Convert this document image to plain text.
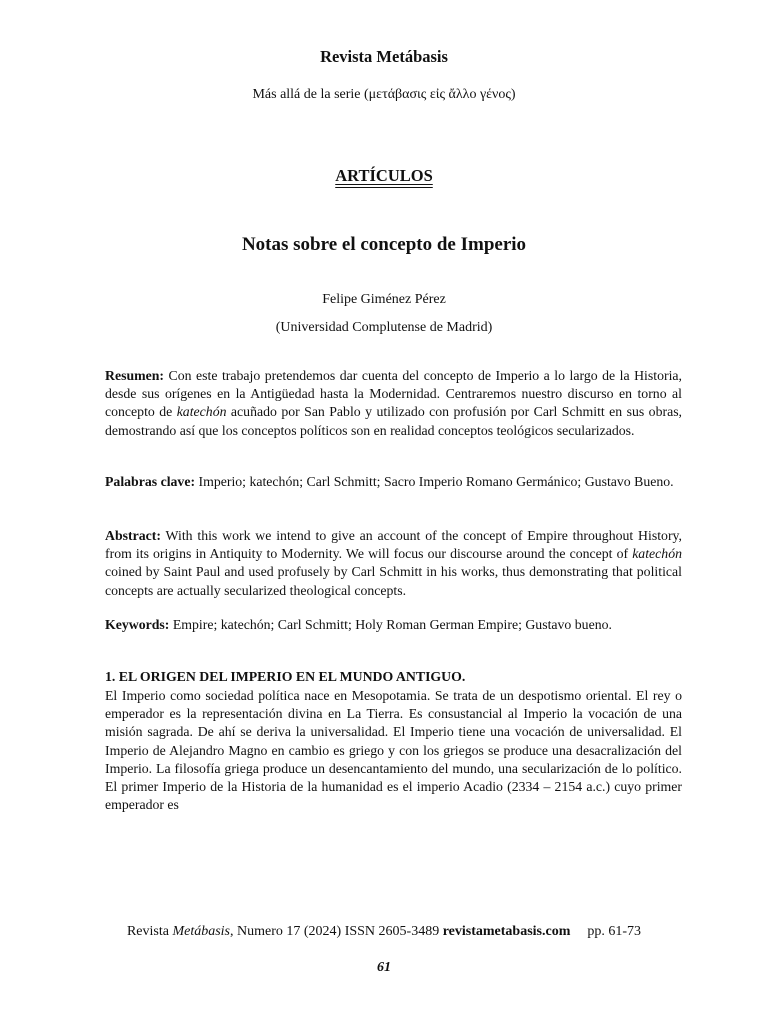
Revista Metábasis
Más allá de la serie (μετάβασις εἰς ἄλλο γένος)
ARTÍCULOS
Notas sobre el concepto de Imperio
Felipe Giménez Pérez
(Universidad Complutense de Madrid)
Resumen: Con este trabajo pretendemos dar cuenta del concepto de Imperio a lo largo de la Historia, desde sus orígenes en la Antigüedad hasta la Modernidad. Centraremos nuestro discurso en torno al concepto de katechón acuñado por San Pablo y utilizado con profusión por Carl Schmitt en sus obras, demostrando así que los conceptos políticos son en realidad conceptos teológicos secularizados.
Palabras clave: Imperio; katechón; Carl Schmitt; Sacro Imperio Romano Germánico; Gustavo Bueno.
Abstract: With this work we intend to give an account of the concept of Empire throughout History, from its origins in Antiquity to Modernity. We will focus our discourse around the concept of katechón coined by Saint Paul and used profusely by Carl Schmitt in his works, thus demonstrating that political concepts are actually secularized theological concepts.
Keywords: Empire; katechón; Carl Schmitt; Holy Roman German Empire; Gustavo bueno.
1. EL ORIGEN DEL IMPERIO EN EL MUNDO ANTIGUO.
El Imperio como sociedad política nace en Mesopotamia. Se trata de un despotismo oriental. El rey o emperador es la representación divina en La Tierra. Es consustancial al Imperio la vocación de una misión sagrada. De ahí se deriva la universalidad. El Imperio tiene una vocación de universalidad. El Imperio de Alejandro Magno en cambio es griego y con los griegos se produce una desacralización del Imperio. La filosofía griega produce un desencantamiento del mundo, una secularización de lo político. El primer Imperio de la Historia de la humanidad es el imperio Acadio (2334 – 2154 a.c.) cuyo primer emperador es
Revista Metábasis, Numero 17 (2024) ISSN 2605-3489 revistametabasis.com pp. 61-73
61
